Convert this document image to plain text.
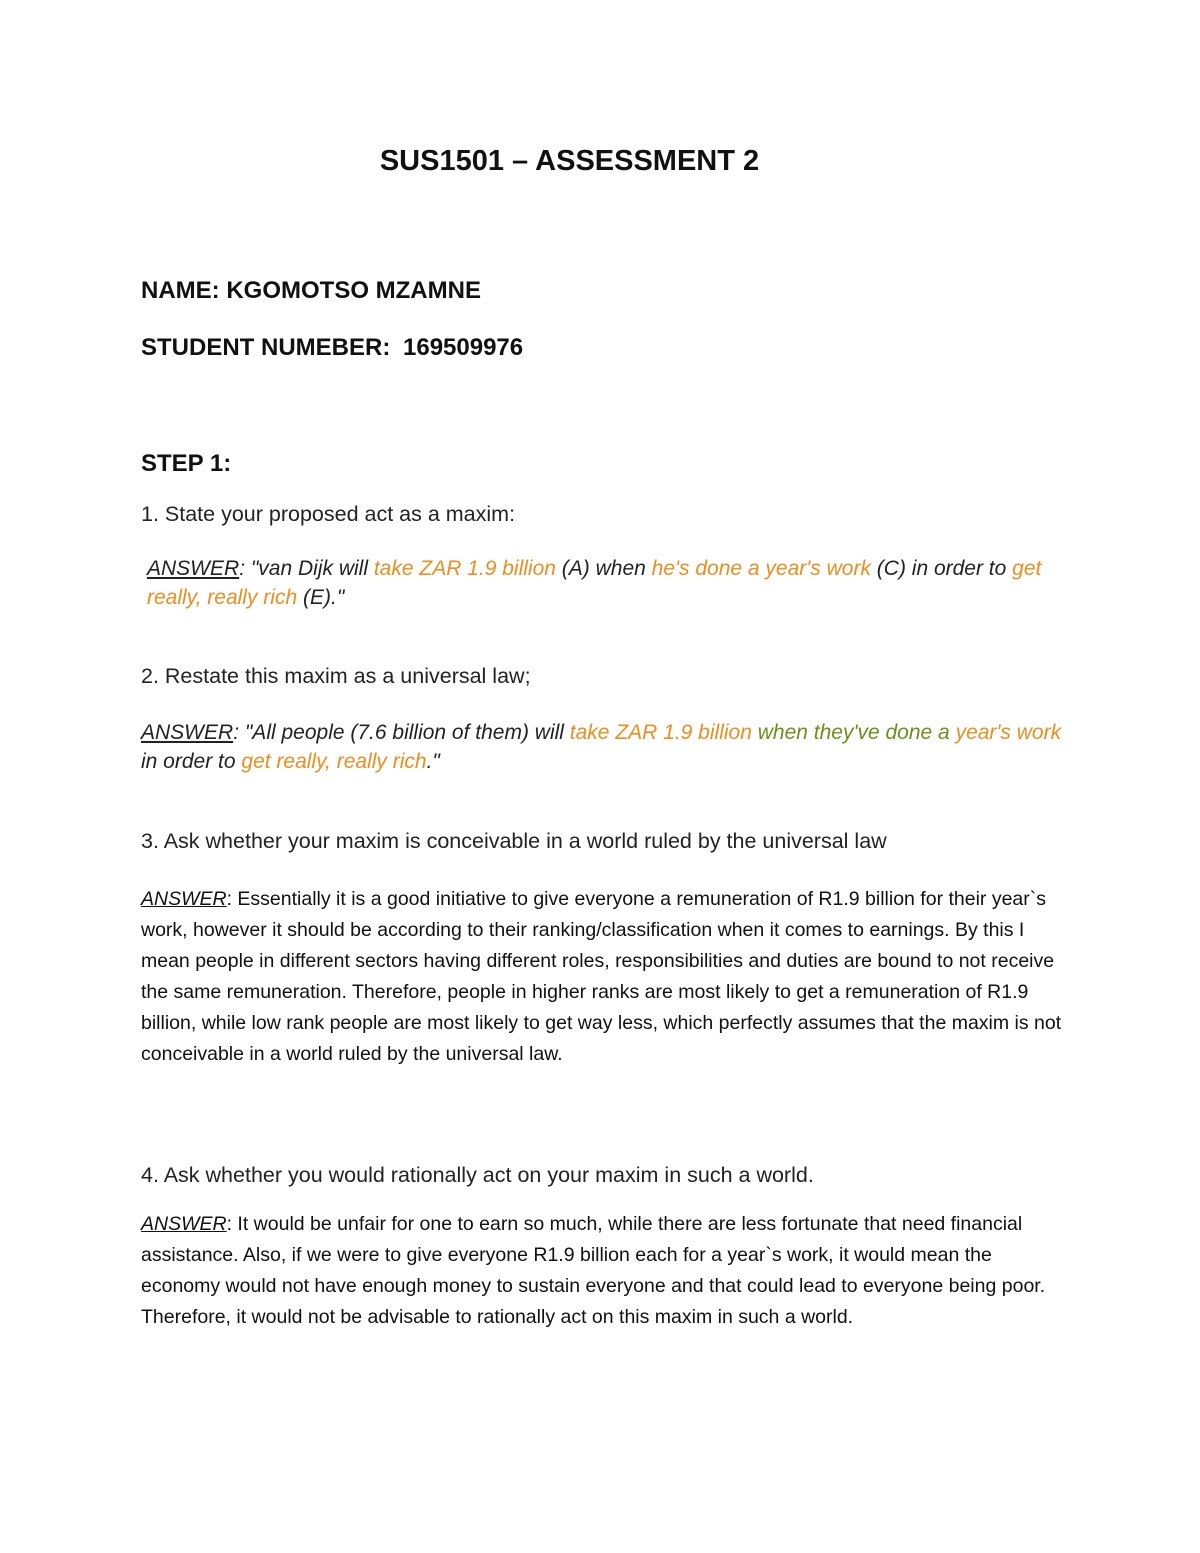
SUS1501 – ASSESSMENT 2
NAME: KGOMOTSO MZAMNE
STUDENT NUMEBER: 169509976
STEP 1:
1. State your proposed act as a maxim:
ANSWER: "van Dijk will take ZAR 1.9 billion (A) when he's done a year's work (C) in order to get really, really rich (E)."
2. Restate this maxim as a universal law;
ANSWER: "All people (7.6 billion of them) will take ZAR 1.9 billion when they've done a year's work in order to get really, really rich."
3. Ask whether your maxim is conceivable in a world ruled by the universal law
ANSWER: Essentially it is a good initiative to give everyone a remuneration of R1.9 billion for their year`s work, however it should be according to their ranking/classification when it comes to earnings. By this I mean people in different sectors having different roles, responsibilities and duties are bound to not receive the same remuneration. Therefore, people in higher ranks are most likely to get a remuneration of R1.9 billion, while low rank people are most likely to get way less, which perfectly assumes that the maxim is not conceivable in a world ruled by the universal law.
4. Ask whether you would rationally act on your maxim in such a world.
ANSWER: It would be unfair for one to earn so much, while there are less fortunate that need financial assistance. Also, if we were to give everyone R1.9 billion each for a year`s work, it would mean the economy would not have enough money to sustain everyone and that could lead to everyone being poor. Therefore, it would not be advisable to rationally act on this maxim in such a world.
